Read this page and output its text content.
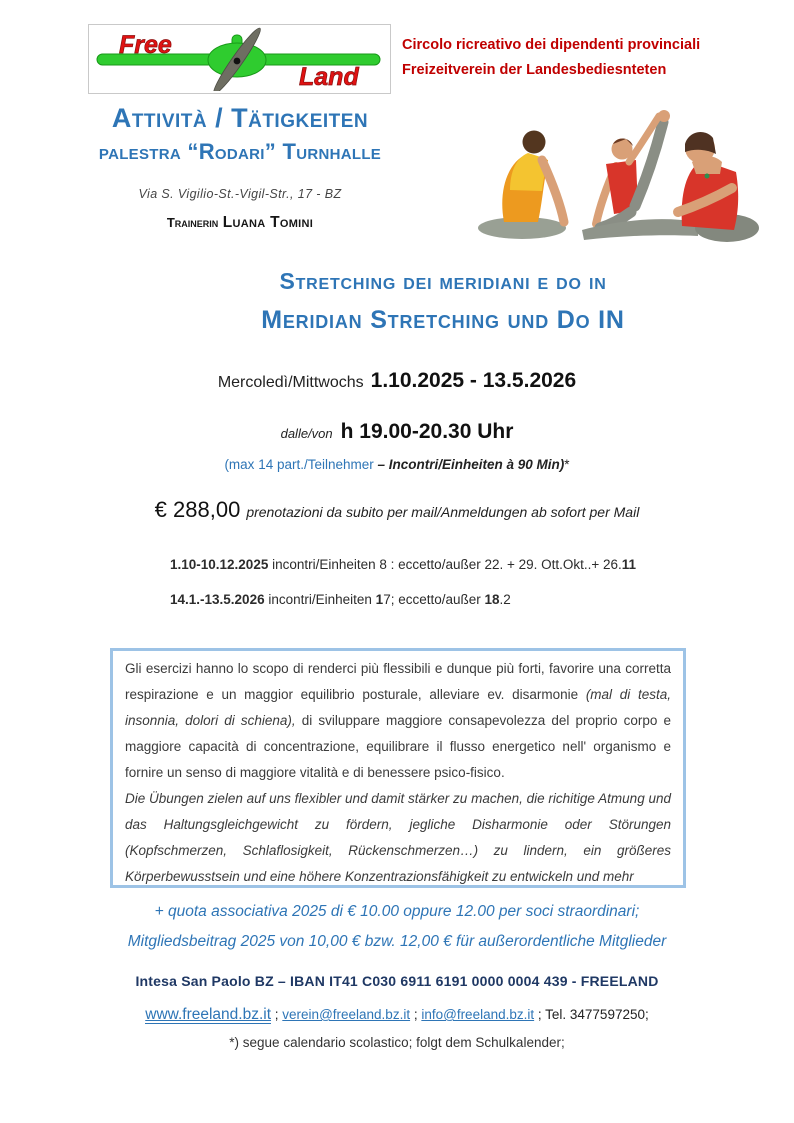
Free
Land
Circolo ricreativo dei dipendenti provinciali
Freizeitverein der Landesbediesnteten
Attività / Tätigkeiten
palestra “Rodari” Turnhalle
Via S. Vigilio-St.-Vigil-Str., 17 - BZ
Trainerin Luana Tomini
Stretching dei meridiani e do in
Meridian Stretching und Do IN
Mercoledì/Mittwochs 1.10.2025 - 13.5.2026
dalle/von h 19.00-20.30 Uhr
(max 14 part./Teilnehmer – Incontri/Einheiten à 90 Min)*
€ 288,00 prenotazioni da subito per mail/Anmeldungen ab sofort per Mail
1.10-10.12.2025 incontri/Einheiten 8 : eccetto/außer 22. + 29. Ott.Okt..+ 26.11
14.1.-13.5.2026 incontri/Einheiten 17; eccetto/außer 18.2

Gli esercizi hanno lo scopo di renderci più flessibili e dunque più forti, favorire una corretta respirazione e un maggior equilibrio posturale, alleviare ev. disarmonie (mal di testa, insonnia, dolori di schiena), di sviluppare maggiore consapevolezza del proprio corpo e maggiore capacità di concentrazione, equilibrare il flusso energetico nell' organismo e fornire un senso di maggiore vitalità e di benessere psico-fisico.

Die Übungen zielen auf uns flexibler und damit stärker zu machen, die richitige Atmung und das Haltungsgleichgewicht zu fördern, jegliche Disharmonie oder Störungen (Kopfschmerzen, Schlaflosigkeit, Rückenschmerzen…) zu lindern, ein größeres Körperbewusstsein und eine höhere Konzentrazionsfähigkeit zu entwickeln und mehr

+ quota associativa 2025 di € 10.00 oppure 12.00 per soci straordinari;
Mitgliedsbeitrag 2025 von 10,00 € bzw. 12,00 € für außerordentliche Mitglieder
Intesa San Paolo BZ – IBAN IT41 C030 6911 6191 0000 0004 439 - FREELAND
www.freeland.bz.it ; verein@freeland.bz.it ; info@freeland.bz.it ; Tel. 3477597250;
*) segue calendario scolastico; folgt dem Schulkalender;
